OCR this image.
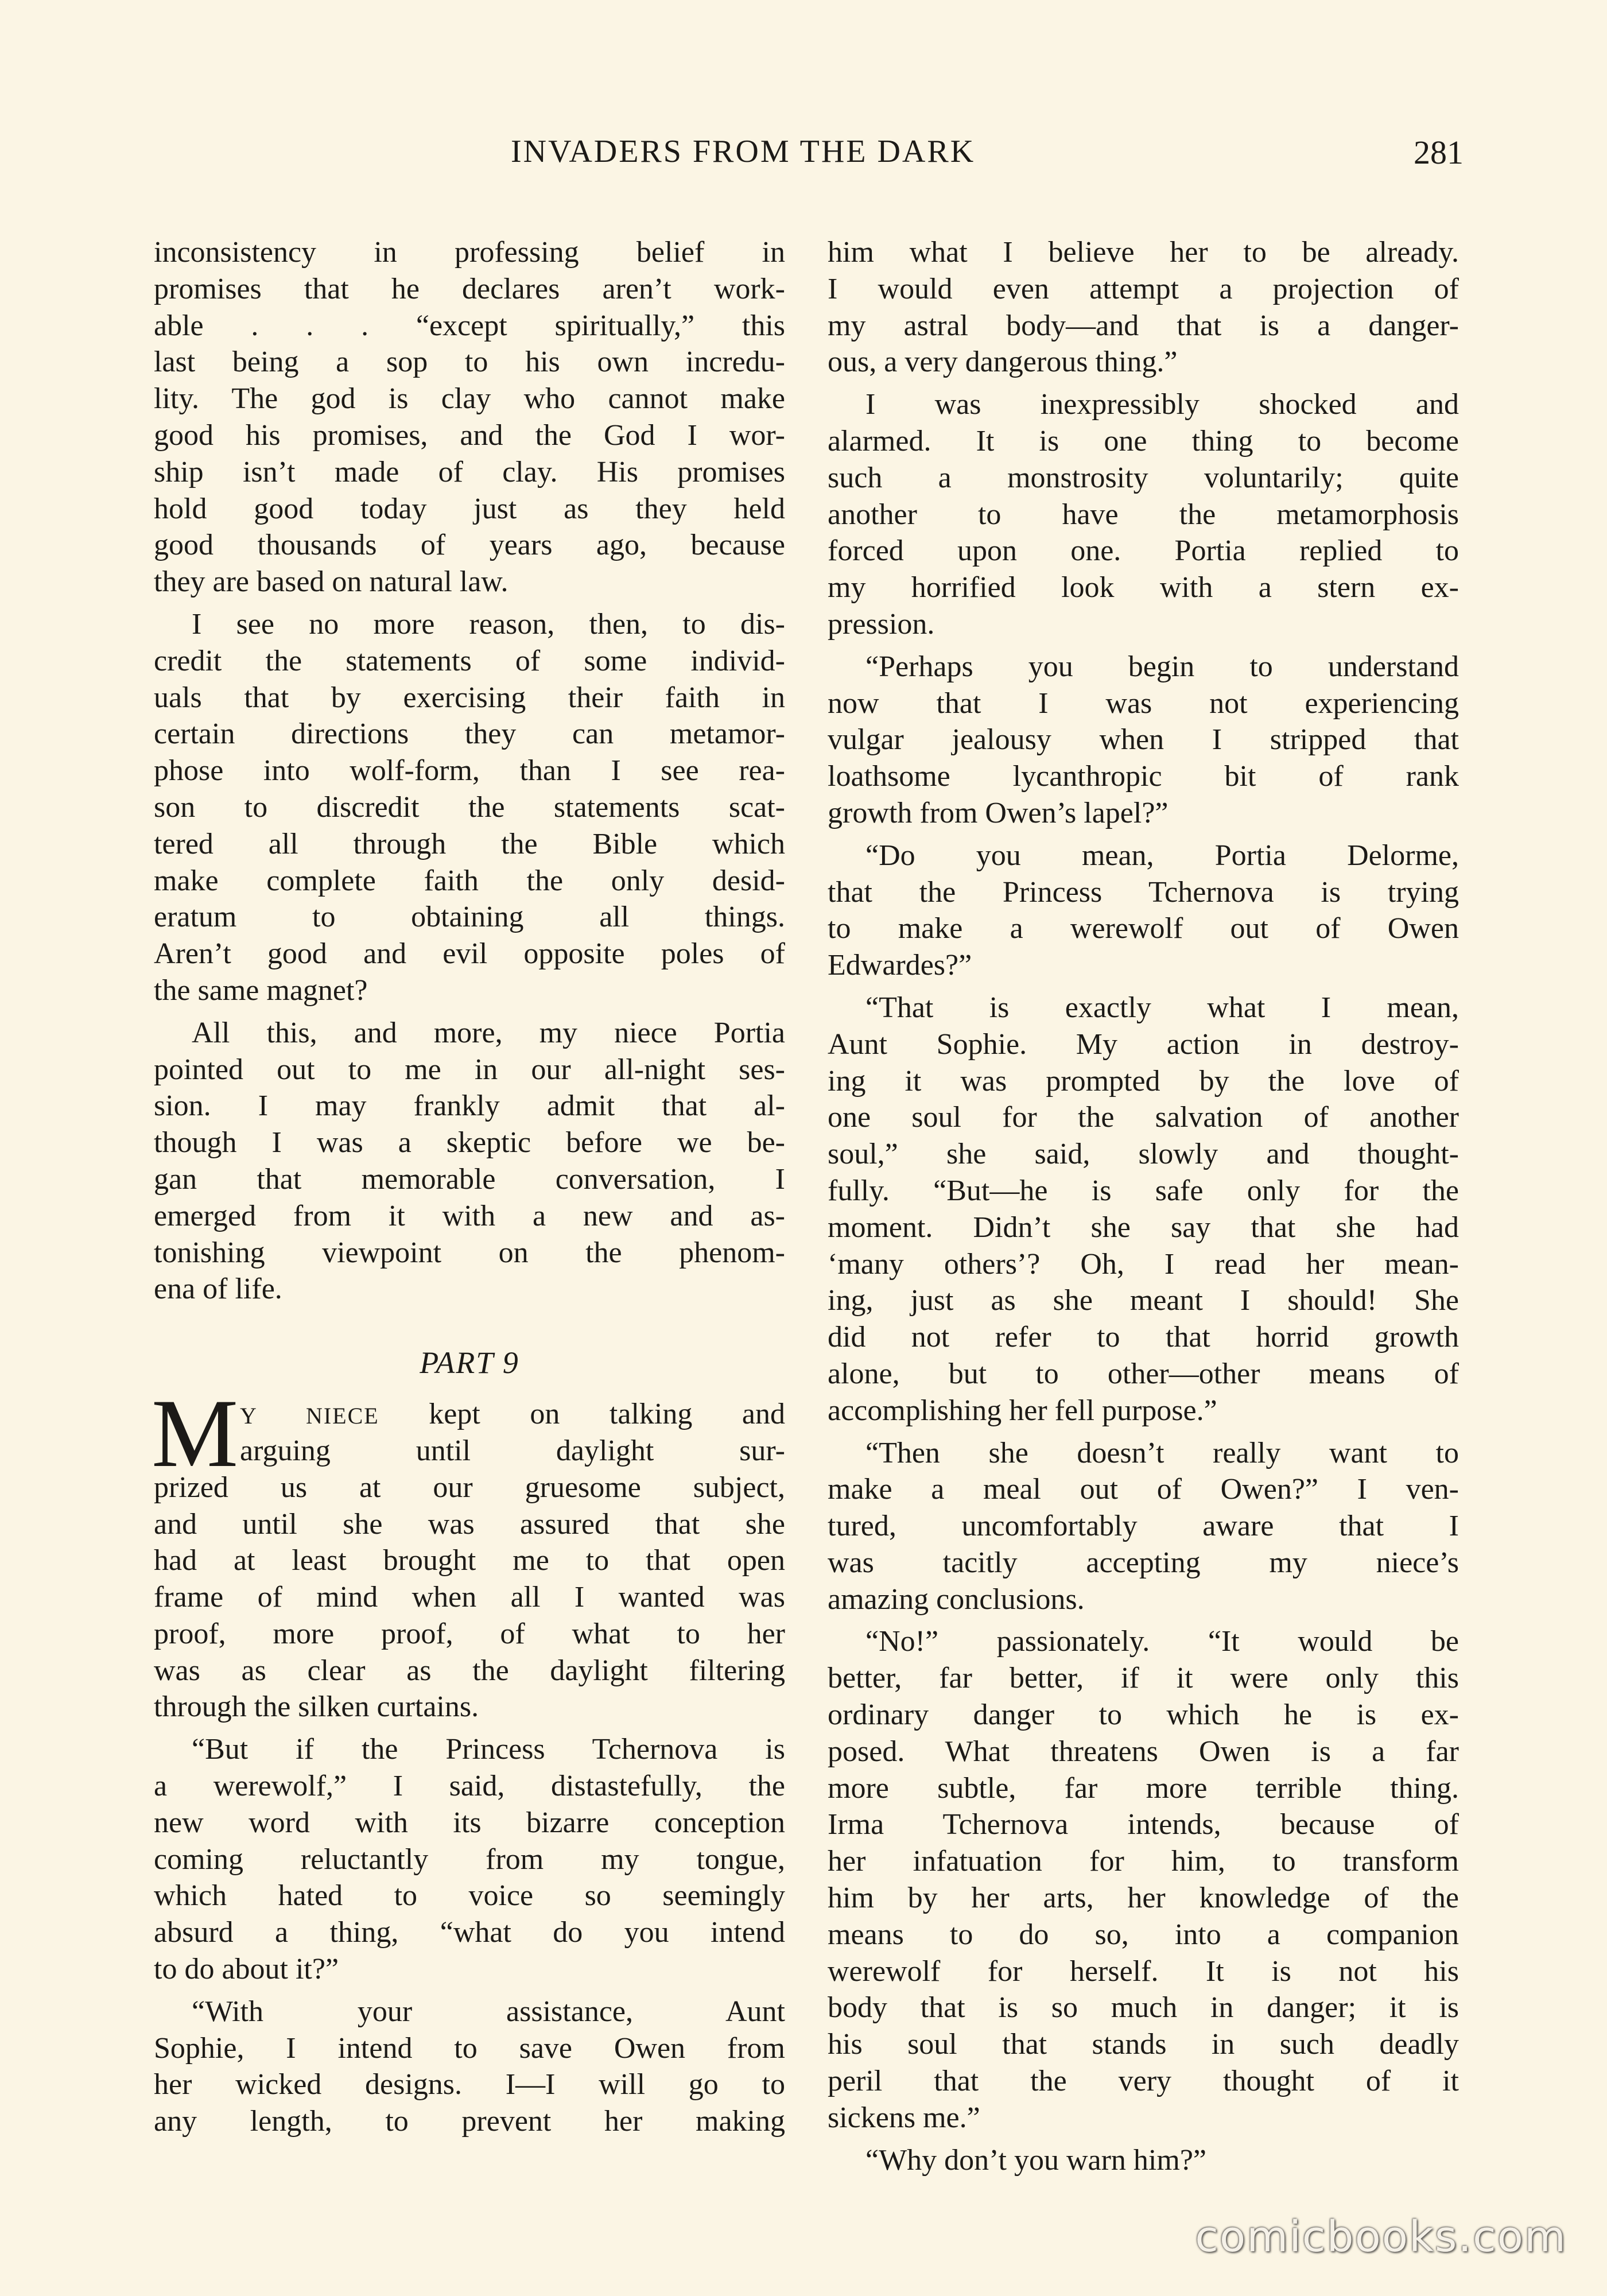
INVADERS FROM THE DARK	281
inconsistency in professing belief in
promises that he declares aren’t work-
able . . . “except spiritually,” this
last being a sop to his own incredu-
lity. The god is clay who cannot make
good his promises, and the God I wor-
ship isn’t made of clay. His promises
hold good today just as they held
good thousands of years ago, because
they are based on natural law.
I see no more reason, then, to dis-
credit the statements of some individ-
uals that by exercising their faith in
certain directions they can metamor-
phose into wolf-form, than I see rea-
son to discredit the statements scat-
tered all through the Bible which
make complete faith the only desid-
eratum to obtaining all things.
Aren’t good and evil opposite poles of
the same magnet?
All this, and more, my niece Portia
pointed out to me in our all-night ses-
sion. I may frankly admit that al-
though I was a skeptic before we be-
gan that memorable conversation, I
emerged from it with a new and as-
tonishing viewpoint on the phenom-
ena of life.
PART 9
M Y NIECE kept on talking and
arguing until daylight sur-
prized us at our gruesome subject,
and until she was assured that she
had at least brought me to that open
frame of mind when all I wanted was
proof, more proof, of what to her
was as clear as the daylight filtering
through the silken curtains.
“But if the Princess Tchernova is
a werewolf,” I said, distastefully, the
new word with its bizarre conception
coming reluctantly from my tongue,
which hated to voice so seemingly
absurd a thing, “what do you intend
to do about it?”
“With your assistance, Aunt
Sophie, I intend to save Owen from
her wicked designs. I—I will go to
any length, to prevent her making
him what I believe her to be already.
I would even attempt a projection of
my astral body—and that is a danger-
ous, a very dangerous thing.”
I was inexpressibly shocked and
alarmed. It is one thing to become
such a monstrosity voluntarily; quite
another to have the metamorphosis
forced upon one. Portia replied to
my horrified look with a stern ex-
pression.
“Perhaps you begin to understand
now that I was not experiencing
vulgar jealousy when I stripped that
loathsome lycanthropic bit of rank
growth from Owen’s lapel?”
“Do you mean, Portia Delorme,
that the Princess Tchernova is trying
to make a werewolf out of Owen
Edwardes?”
“That is exactly what I mean,
Aunt Sophie. My action in destroy-
ing it was prompted by the love of
one soul for the salvation of another
soul,” she said, slowly and thought-
fully. “But—he is safe only for the
moment. Didn’t she say that she had
‘many others’? Oh, I read her mean-
ing, just as she meant I should! She
did not refer to that horrid growth
alone, but to other—other means of
accomplishing her fell purpose.”
“Then she doesn’t really want to
make a meal out of Owen?” I ven-
tured, uncomfortably aware that I
was tacitly accepting my niece’s
amazing conclusions.
“No!” passionately. “It would be
better, far better, if it were only this
ordinary danger to which he is ex-
posed. What threatens Owen is a far
more subtle, far more terrible thing.
Irma Tchernova intends, because of
her infatuation for him, to transform
him by her arts, her knowledge of the
means to do so, into a companion
werewolf for herself. It is not his
body that is so much in danger; it is
his soul that stands in such deadly
peril that the very thought of it
sickens me.”
“Why don’t you warn him?”
comicbooks.com
